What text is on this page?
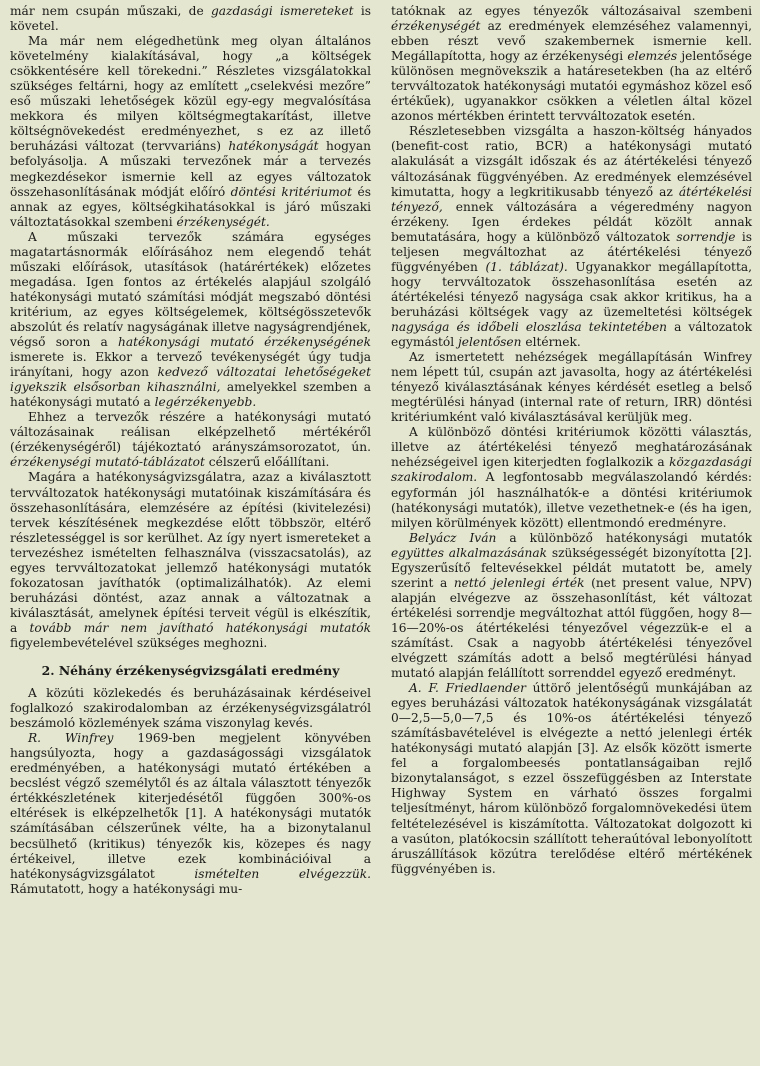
már nem csupán műszaki, de gazdasági ismereteket is követel.

Ma már nem elégedhetünk meg olyan általános követelmény kialakításával, hogy „a költségek csökkentésére kell törekedni.” Részletes vizsgálatokkal szükséges feltárni, hogy az említett „cselekvési mezőre” eső műszaki lehetőségek közül egy-egy megvalósítása mekkora és milyen költségmegtakarítást, illetve költségnövekedést eredményezhet, s ez az illető beruházási változat (tervvariáns) hatékonyságát hogyan befolyásolja. A műszaki tervezőnek már a tervezés megkezdésekor ismernie kell az egyes változatok összehasonlításának módját előíró döntési kritériumot és annak az egyes, költségkihatásokkal is járó műszaki változtatásokkal szembeni érzékenységét.

A műszaki tervezők számára egységes magatartásnormák előírásához nem elegendő tehát műszaki előírások, utasítások (határértékek) előzetes megadása. Igen fontos az értékelés alapjául szolgáló hatékonysági mutató számítási módját megszabó döntési kritérium, az egyes költségelemek, költségösszetevők abszolút és relatív nagyságának illetve nagyságrendjének, végső soron a hatékonysági mutató érzékenységének ismerete is. Ekkor a tervező tevékenységét úgy tudja irányítani, hogy azon kedvező változatai lehetőségeket igyekszik elsősorban kihasználni, amelyekkel szemben a hatékonysági mutató a legérzékenyebb.

Ehhez a tervezők részére a hatékonysági mutató változásainak reálisan elképzelhető mértékéről (érzékenységéről) tájékoztató arányszámsorozatot, ún. érzékenységi mutató-táblázatot célszerű előállítani.

Magára a hatékonyságvizsgálatra, azaz a kiválasztott tervváltozatok hatékonysági mutatóinak kiszámítására és összehasonlítására, elemzésére az építési (kivitelezési) tervek készítésének megkezdése előtt többször, eltérő részletességgel is sor kerülhet. Az így nyert ismereteket a tervezéshez ismételten felhasználva (visszacsatolás), az egyes tervváltozatokat jellemző hatékonysági mutatók fokozatosan javíthatók (optimalizálhatók). Az elemi beruházási döntést, azaz annak a változatnak a kiválasztását, amelynek építési terveit végül is elkészítik, a tovább már nem javítható hatékonysági mutatók figyelembevételével szükséges meghozni.

2. Néhány érzékenységvizsgálati eredmény

A közúti közlekedés és beruházásainak kérdéseivel foglalkozó szakirodalomban az érzékenységvizsgálatról beszámoló közlemények száma viszonylag kevés.

R. Winfrey 1969-ben megjelent könyvében hangsúlyozta, hogy a gazdaságossági vizsgálatok eredményében, a hatékonysági mutató értékében a becslést végző személytől és az általa választott tényezők értékkészletének kiterjedésétől függően 300%-os eltérések is elképzelhetők [1]. A hatékonysági mutatók számításában célszerűnek vélte, ha a bizonytalanul becsülhető (kritikus) tényezők kis, közepes és nagy értékeivel, illetve ezek kombinációival a hatékonyságvizsgálatot ismételten elvégezzük. Rámutatott, hogy a hatékonysági mu-

tatóknak az egyes tényezők változásaival szembeni érzékenységét az eredmények elemzéséhez valamennyi, ebben részt vevő szakembernek ismernie kell. Megállapította, hogy az érzékenységi elemzés jelentősége különösen megnövekszik a határesetekben (ha az eltérő tervváltozatok hatékonysági mutatói egymáshoz közel eső értékűek), ugyanakkor csökken a véletlen által közel azonos mértékben érintett tervváltozatok esetén.

Részletesebben vizsgálta a haszon-költség hányados (benefit-cost ratio, BCR) a hatékonysági mutató alakulását a vizsgált időszak és az átértékelési tényező változásának függvényében. Az eredmények elemzésével kimutatta, hogy a legkritikusabb tényező az átértékelési tényező, ennek változására a végeredmény nagyon érzékeny. Igen érdekes példát közölt annak bemutatására, hogy a különböző változatok sorrendje is teljesen megváltozhat az átértékelési tényező függvényében (1. táblázat). Ugyanakkor megállapította, hogy tervváltozatok összehasonlítása esetén az átértékelési tényező nagysága csak akkor kritikus, ha a beruházási költségek vagy az üzemeltetési költségek nagysága és időbeli eloszlása tekintetében a változatok egymástól jelentősen eltérnek.

Az ismertetett nehézségek megállapításán Winfrey nem lépett túl, csupán azt javasolta, hogy az átértékelési tényező kiválasztásának kényes kérdését esetleg a belső megtérülési hányad (internal rate of return, IRR) döntési kritériumként való kiválasztásával kerüljük meg.

A különböző döntési kritériumok közötti választás, illetve az átértékelési tényező meghatározásának nehézségeivel igen kiterjedten foglalkozik a közgazdasági szakirodalom. A legfontosabb megválaszolandó kérdés: egyformán jól használhatók-e a döntési kritériumok (hatékonysági mutatók), illetve vezethetnek-e (és ha igen, milyen körülmények között) ellentmondó eredményre.

Belyácz Iván a különböző hatékonysági mutatók együttes alkalmazásának szükségességét bizonyította [2]. Egyszerűsítő feltevésekkel példát mutatott be, amely szerint a nettó jelenlegi érték (net present value, NPV) alapján elvégezve az összehasonlítást, két változat értékelési sorrendje megváltozhat attól függően, hogy 8—16—20%-os átértékelési tényezővel végezzük-e el a számítást. Csak a nagyobb átértékelési tényezővel elvégzett számítás adott a belső megtérülési hányad mutató alapján felállított sorrenddel egyező eredményt.

A. F. Friedlaender úttörő jelentőségű munkájában az egyes beruházási változatok hatékonyságának vizsgálatát 0—2,5—5,0—7,5 és 10%-os átértékelési tényező számításbavételével is elvégezte a nettó jelenlegi érték hatékonysági mutató alapján [3]. Az elsők között ismerte fel a forgalombeesés pontatlanságaiban rejlő bizonytalanságot, s ezzel összefüggésben az Interstate Highway System en várható összes forgalmi teljesítményt, három különböző forgalomnövekedési ütem feltételezésével is kiszámította. Változatokat dolgozott ki a vasúton, platókocsin szállított teheraútóval lebonyolított áruszállítások közútra terelődése eltérő mértékének függvényében is.
